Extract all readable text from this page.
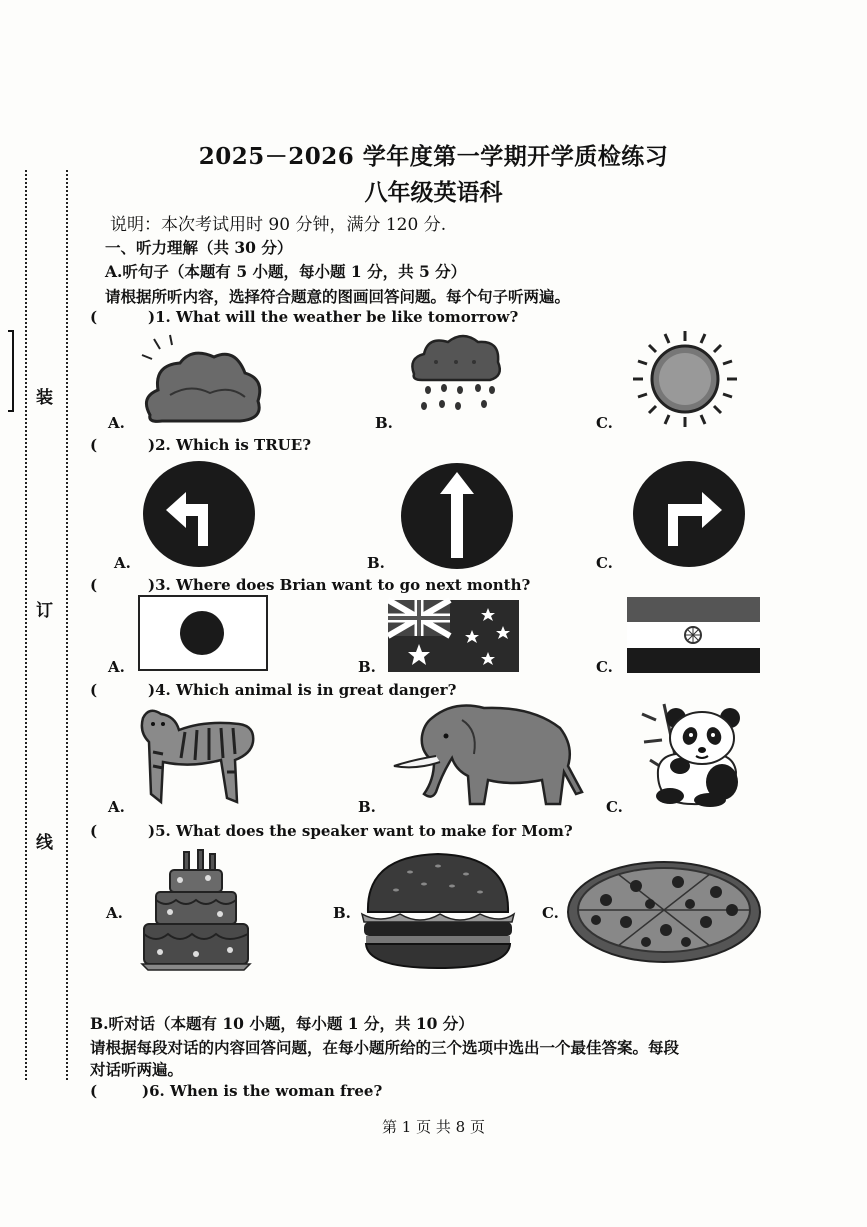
装
订
线
2025－2026 学年度第一学期开学质检练习
八年级英语科
说明：本次考试用时 90 分钟，满分 120 分.
一、听力理解（共 30 分）
A.听句子（本题有 5 小题，每小题 1 分，共 5 分）
请根据所听内容，选择符合题意的图画回答问题。每个句子听两遍。
(	)1. What will the weather be like tomorrow?
A.	B.	C.
(	)2. Which is TRUE?
A.	B.	C.
(	)3. Where does Brian want to go next month?
A.	B.	C.
(	)4. Which animal is in great danger?
A.	B.	C.
(	)5. What does the speaker want to make for Mom?
A.	B.	C.
B.听对话（本题有 10 小题，每小题 1 分，共 10 分）
请根据每段对话的内容回答问题，在每小题所给的三个选项中选出一个最佳答案。每段
对话听两遍。
(	)6. When is the woman free?
第 1 页 共 8 页
